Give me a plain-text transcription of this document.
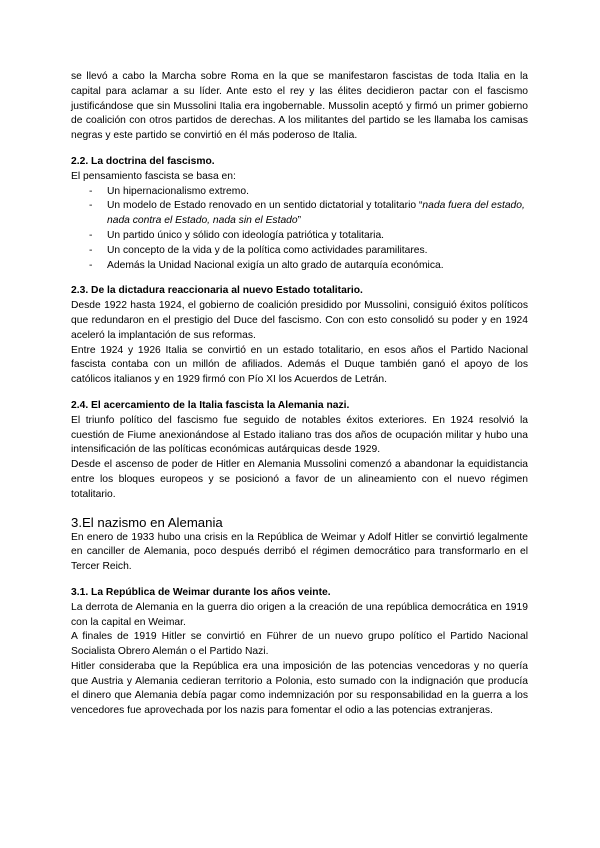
se llevó a cabo la Marcha sobre Roma en la que se manifestaron fascistas de toda Italia en la capital para aclamar a su líder. Ante esto el rey y las élites decidieron pactar con el fascismo justificándose que sin Mussolini Italia era ingobernable. Mussolin aceptó y firmó un primer gobierno de coalición con otros partidos de derechas. A los militantes del partido se les llamaba los camisas negras y este partido se convirtió en él más poderoso de Italia.

2.2. La doctrina del fascismo.

El pensamiento fascista se basa en:

- Un hipernacionalismo extremo.
- Un modelo de Estado renovado en un sentido dictatorial y totalitario “nada fuera del estado, nada contra el Estado, nada sin el Estado”
- Un partido único y sólido con ideología patriótica y totalitaria.
- Un concepto de la vida y de la política como actividades paramilitares.
- Además la Unidad Nacional exigía un alto grado de autarquía económica.
2.3. De la dictadura reaccionaria al nuevo Estado totalitario.

Desde 1922 hasta 1924, el gobierno de coalición presidido por Mussolini, consiguió éxitos políticos que redundaron en el prestigio del Duce del fascismo. Con con esto consolidó su poder y en 1924 aceleró la implantación de sus reformas.

Entre 1924 y 1926 Italia se convirtió en un estado totalitario, en esos años el Partido Nacional fascista contaba con un millón de afiliados. Además el Duque también ganó el apoyo de los católicos italianos y en 1929 firmó con Pío XI los Acuerdos de Letrán.

2.4. El acercamiento de la Italia fascista la Alemania nazi.

El triunfo político del fascismo fue seguido de notables éxitos exteriores. En 1924 resolvió la cuestión de Fiume anexionándose al Estado italiano tras dos años de ocupación militar y hubo una intensificación de las políticas económicas autárquicas desde 1929.

Desde el ascenso de poder de Hitler en Alemania Mussolini comenzó a abandonar la equidistancia entre los bloques europeos y se posicionó a favor de un alineamiento con el nuevo régimen totalitario.

3.El nazismo en Alemania

En enero de 1933 hubo una crisis en la República de Weimar y Adolf Hitler se convirtió legalmente en canciller de Alemania, poco después derribó el régimen democrático para transformarlo en el Tercer Reich.

3.1. La República de Weimar durante los años veinte.

La derrota de Alemania en la guerra dio origen a la creación de una república democrática en 1919 con la capital en Weimar.

A finales de 1919 Hitler se convirtió en Führer de un nuevo grupo político el Partido Nacional Socialista Obrero Alemán o el Partido Nazi.

Hitler consideraba que la República era una imposición de las potencias vencedoras y no quería que Austria y Alemania cedieran territorio a Polonia, esto sumado con la indignación que producía el dinero que Alemania debía pagar como indemnización por su responsabilidad en la guerra a los vencedores fue aprovechada por los nazis para fomentar el odio a las potencias extranjeras.
